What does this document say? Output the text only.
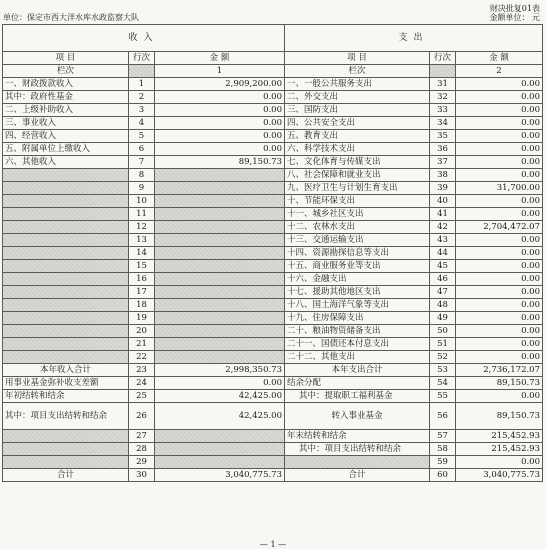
财决批复01表
单位：保定市西大洋水库水政监察大队	金额单位： 元
收入			支出		
项 目	行次	金 额	项 目	行次	金 额
栏次		1	栏次		2
一、财政拨款收入	1	2,909,200.00	一、一般公共服务支出	31	0.00
其中：政府性基金	2	0.00	二、外交支出	32	0.00
二、上级补助收入	3	0.00	三、国防支出	33	0.00
三、事业收入	4	0.00	四、公共安全支出	34	0.00
四、经营收入	5	0.00	五、教育支出	35	0.00
五、附属单位上缴收入	6	0.00	六、科学技术支出	36	0.00
六、其他收入	7	89,150.73	七、文化体育与传媒支出	37	0.00
	8		八、社会保障和就业支出	38	0.00
	9		九、医疗卫生与计划生育支出	39	31,700.00
	10		十、节能环保支出	40	0.00
	11		十一、城乡社区支出	41	0.00
	12		十二、农林水支出	42	2,704,472.07
	13		十三、交通运输支出	43	0.00
	14		十四、资源勘探信息等支出	44	0.00
	15		十五、商业服务业等支出	45	0.00
	16		十六、金融支出	46	0.00
	17		十七、援助其他地区支出	47	0.00
	18		十八、国土海洋气象等支出	48	0.00
	19		十九、住房保障支出	49	0.00
	20		二十、粮油物资储备支出	50	0.00
	21		二十一、国债还本付息支出	51	0.00
	22		二十二、其他支出	52	0.00
本年收入合计	23	2,998,350.73	本年支出合计	53	2,736,172.07
用事业基金弥补收支差额	24	0.00	结余分配	54	89,150.73
年初结转和结余	25	42,425.00	其中：提取职工福利基金	55	0.00
其中：项目支出结转和结余	26	42,425.00	转入事业基金	56	89,150.73
	27		年末结转和结余	57	215,452.93
	28		其中：项目支出结转和结余	58	215,452.93
	29			59	0.00
合计	30	3,040,775.73	合计	60	3,040,775.73
— 1 —
